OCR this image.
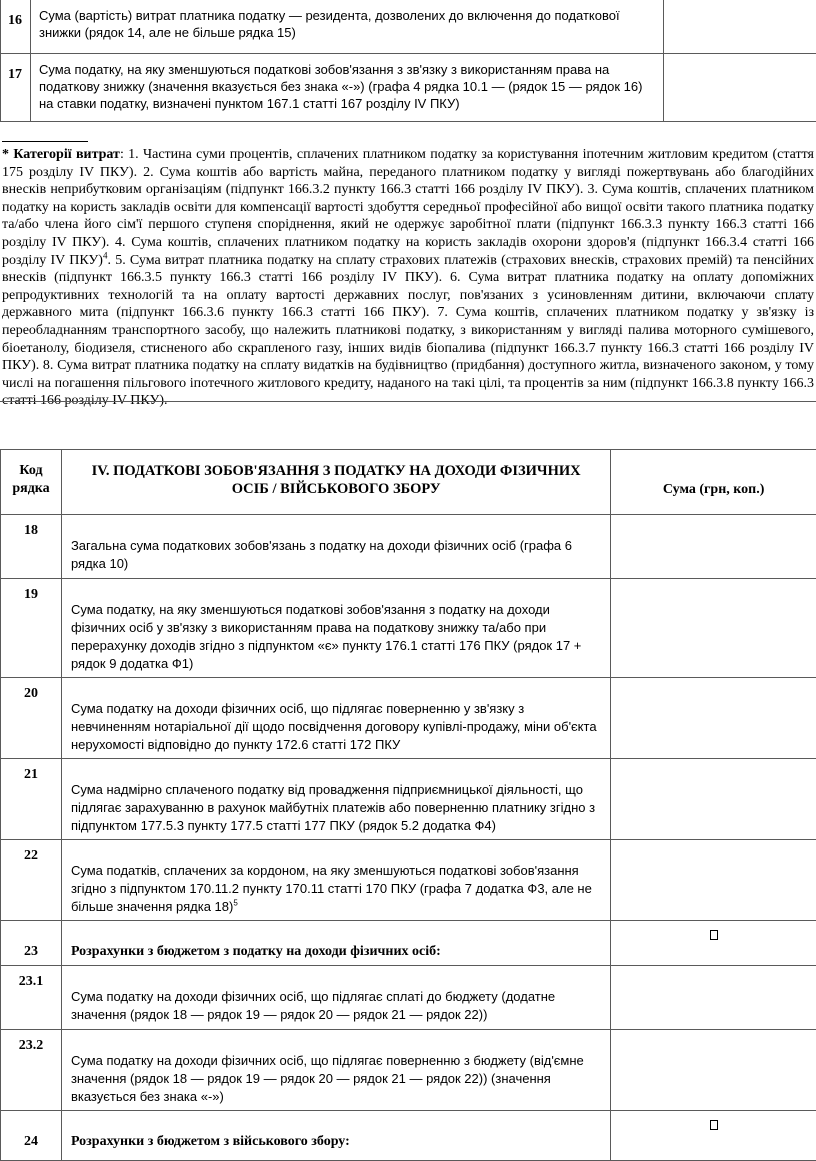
16	Сума (вартість) витрат платника податку — резидента, дозволених до включення до податкової знижки (рядок 14, але не більше рядка 15)	
17	Сума податку, на яку зменшуються податкові зобов'язання з зв'язку з використанням права на податкову знижку (значення вказується без знака «-») (графа 4 рядка 10.1 — (рядок 15 — рядок 16) на ставки податку, визначені пунктом 167.1 статті 167 розділу IV ПКУ)	
* Категорії витрат: 1. Частина суми процентів, сплачених платником податку за користування іпотечним житловим кредитом (стаття 175 розділу IV ПКУ). 2. Сума коштів або вартість майна, переданого платником податку у вигляді пожертвувань або благодійних внесків неприбутковим організаціям (підпункт 166.3.2 пункту 166.3 статті 166 розділу IV ПКУ). 3. Сума коштів, сплачених платником податку на користь закладів освіти для компенсації вартості здобуття середньої професійної або вищої освіти такого платника податку та/або члена його сім'ї першого ступеня споріднення, який не одержує заробітної плати (підпункт 166.3.3 пункту 166.3 статті 166 розділу IV ПКУ). 4. Сума коштів, сплачених платником податку на користь закладів охорони здоров'я (підпункт 166.3.4 статті 166 розділу IV ПКУ)$^4$. 5. Сума витрат платника податку на сплату страхових платежів (страхових внесків, страхових премій) та пенсійних внесків (підпункт 166.3.5 пункту 166.3 статті 166 розділу IV ПКУ). 6. Сума витрат платника податку на оплату допоміжних репродуктивних технологій та на оплату вартості державних послуг, пов'язаних з усиновленням дитини, включаючи сплату державного мита (підпункт 166.3.6 пункту 166.3 статті 166 ПКУ). 7. Сума коштів, сплачених платником податку у зв'язку із переобладнанням транспортного засобу, що належить платникові податку, з використанням у вигляді палива моторного сумішевого, біоетанолу, біодизеля, стисненого або скрапленого газу, інших видів біопалива (підпункт 166.3.7 пункту 166.3 статті 166 розділу IV ПКУ). 8. Сума витрат платника податку на сплату видатків на будівництво (придбання) доступного житла, визначеного законом, у тому числі на погашення пільгового іпотечного житлового кредиту, наданого на такі цілі, та процентів за ним (підпункт 166.3.8 пункту 166.3 статті 166 розділу IV ПКУ).
Код рядка	IV. ПОДАТКОВІ ЗОБОВ'ЯЗАННЯ З ПОДАТКУ НА ДОХОДИ ФІЗИЧНИХ ОСІБ / ВІЙСЬКОВОГО ЗБОРУ	Сума (грн, коп.)
18	Загальна сума податкових зобов'язань з податку на доходи фізичних осіб (графа 6 рядка 10)	
19	Сума податку, на яку зменшуються податкові зобов'язання з податку на доходи фізичних осіб у зв'язку з використанням права на податкову знижку та/або при перерахунку доходів згідно з підпунктом «є» пункту 176.1 статті 176 ПКУ (рядок 17 + рядок 9 додатка Ф1)	
20	Сума податку на доходи фізичних осіб, що підлягає поверненню у зв'язку з невчиненням нотаріальної дії щодо посвідчення договору купівлі-продажу, міни об'єкта нерухомості відповідно до пункту 172.6 статті 172 ПКУ	
21	Сума надмірно сплаченого податку від провадження підприємницької діяльності, що підлягає зарахуванню в рахунок майбутніх платежів або поверненню платнику згідно з підпунктом 177.5.3 пункту 177.5 статті 177 ПКУ (рядок 5.2 додатка Ф4)	
22	Сума податків, сплачених за кордоном, на яку зменшуються податкові зобов'язання згідно з підпунктом 170.11.2 пункту 170.11 статті 170 ПКУ (графа 7 додатка Ф3, але не більше значення рядка 18)$^5$	
23	Розрахунки з бюджетом з податку на доходи фізичних осіб:	
23.1	Сума податку на доходи фізичних осіб, що підлягає сплаті до бюджету (додатне значення (рядок 18 — рядок 19 — рядок 20 — рядок 21 — рядок 22))	
23.2	Сума податку на доходи фізичних осіб, що підлягає поверненню з бюджету (від'ємне значення (рядок 18 — рядок 19 — рядок 20 — рядок 21 — рядок 22)) (значення вказується без знака «-»)	
24	Розрахунки з бюджетом з військового збору:	
